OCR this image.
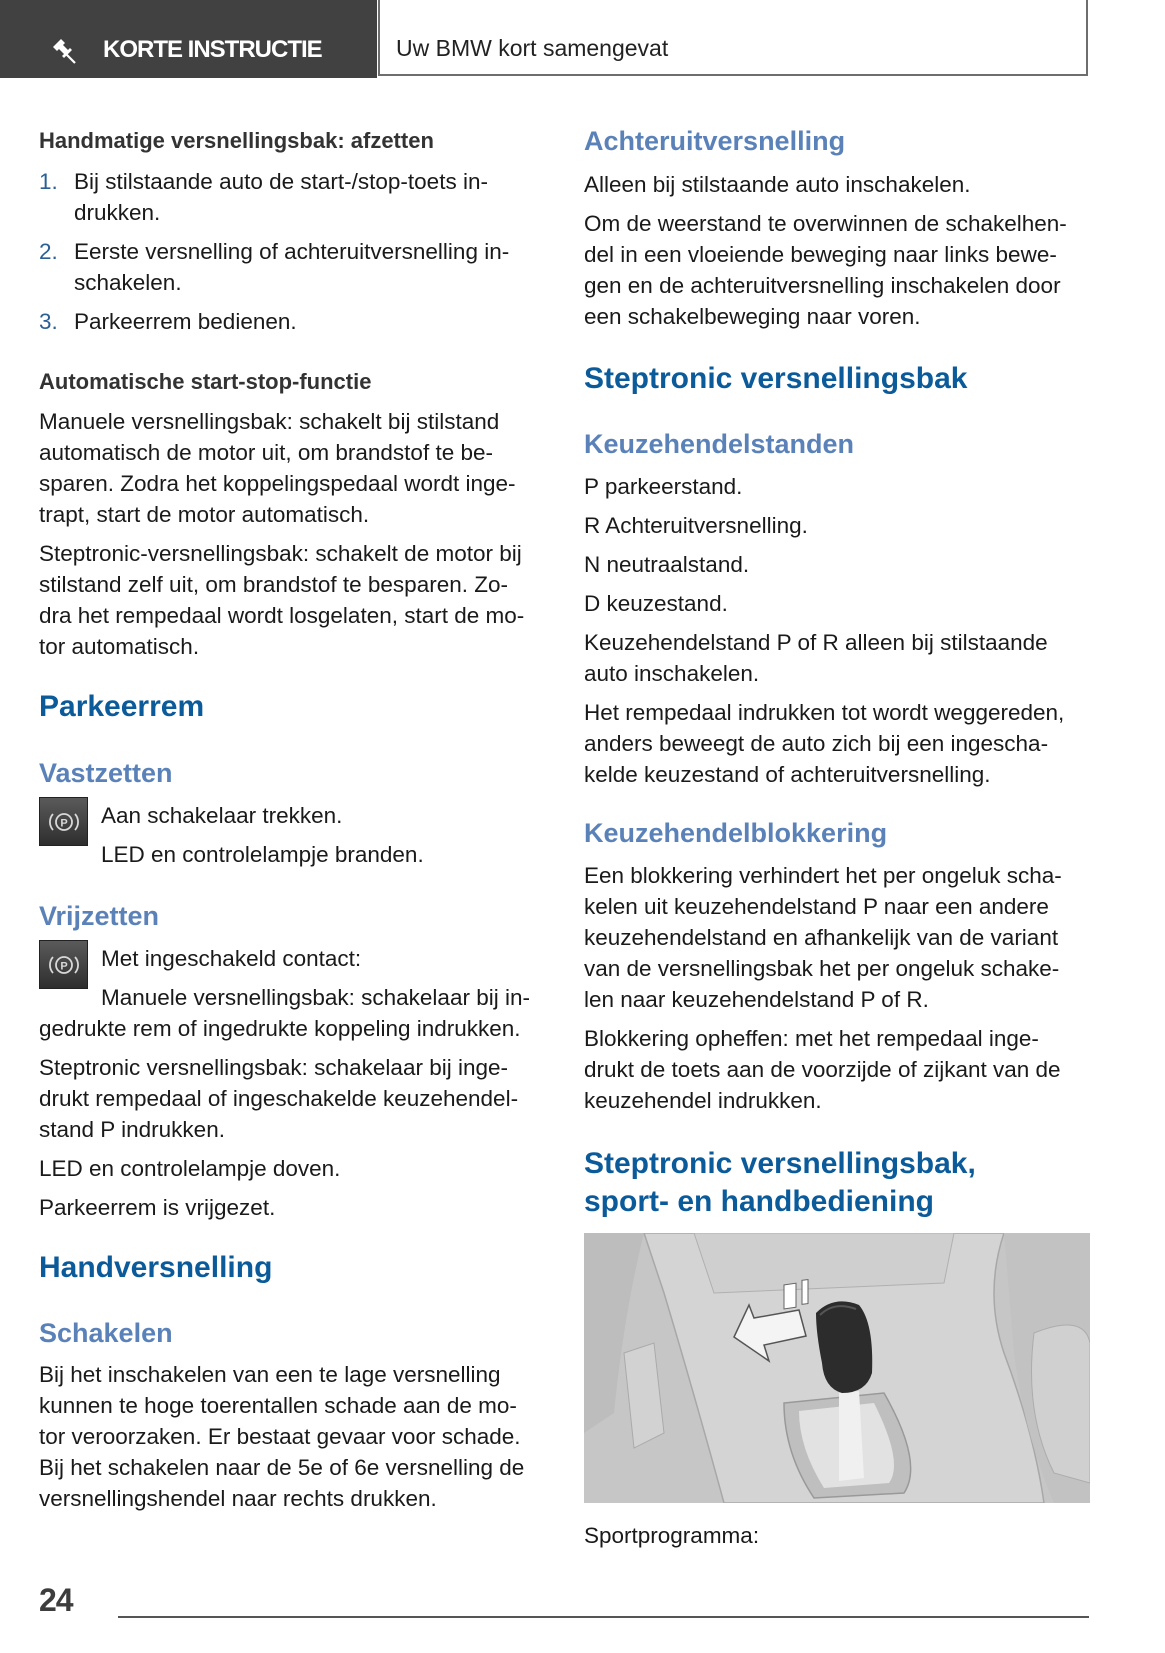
KORTE INSTRUCTIE	Uw BMW kort samengevat
Handmatige versnellingsbak: afzetten
1. Bij stilstaande auto de start-/stop-toets in-
drukken.
2. Eerste versnelling of achteruitversnelling in-
schakelen.
3. Parkeerrem bedienen.
Automatische start-stop-functie
Manuele versnellingsbak: schakelt bij stilstand
automatisch de motor uit, om brandstof te be-
sparen. Zodra het koppelingspedaal wordt inge-
trapt, start de motor automatisch.
Steptronic-versnellingsbak: schakelt de motor bij
stilstand zelf uit, om brandstof te besparen. Zo-
dra het rempedaal wordt losgelaten, start de mo-
tor automatisch.
Parkeerrem
Vastzetten
P Aan schakelaar trekken.
LED en controlelampje branden.
Vrijzetten
P Met ingeschakeld contact:
Manuele versnellingsbak: schakelaar bij in-
gedrukte rem of ingedrukte koppeling indrukken.
Steptronic versnellingsbak: schakelaar bij inge-
drukt rempedaal of ingeschakelde keuzehendel-
stand P indrukken.
LED en controlelampje doven.
Parkeerrem is vrijgezet.
Handversnelling
Schakelen
Bij het inschakelen van een te lage versnelling
kunnen te hoge toerentallen schade aan de mo-
tor veroorzaken. Er bestaat gevaar voor schade.
Bij het schakelen naar de 5e of 6e versnelling de
versnellingshendel naar rechts drukken.
Achteruitversnelling
Alleen bij stilstaande auto inschakelen.
Om de weerstand te overwinnen de schakelhen-
del in een vloeiende beweging naar links bewe-
gen en de achteruitversnelling inschakelen door
een schakelbeweging naar voren.
Steptronic versnellingsbak
Keuzehendelstanden
P parkeerstand.
R Achteruitversnelling.
N neutraalstand.
D keuzestand.
Keuzehendelstand P of R alleen bij stilstaande
auto inschakelen.
Het rempedaal indrukken tot wordt weggereden,
anders beweegt de auto zich bij een ingescha-
kelde keuzestand of achteruitversnelling.
Keuzehendelblokkering
Een blokkering verhindert het per ongeluk scha-
kelen uit keuzehendelstand P naar een andere
keuzehendelstand en afhankelijk van de variant
van de versnellingsbak het per ongeluk schake-
len naar keuzehendelstand P of R.
Blokkering opheffen: met het rempedaal inge-
drukt de toets aan de voorzijde of zijkant van de
keuzehendel indrukken.
Steptronic versnellingsbak,
sport- en handbediening
Sportprogramma:
24
